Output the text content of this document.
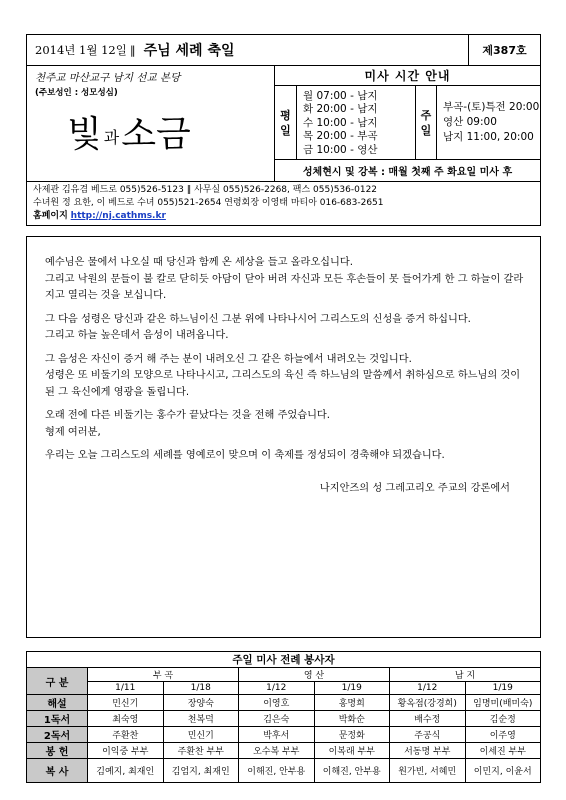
2014년 1월 12일 ‖ 주님 세례 축일	제387호
천주교 마산교구 남지 선교 본당
(주보성인 : 성모성심)
빛과소금
미사 시간 안내
평
일
월 07:00 - 남지
화 20:00 - 남지
수 10:00 - 남지
목 20:00 - 부곡
금 10:00 - 영산
주
일
부곡-(토)특전 20:00
영산 09:00
남지 11:00, 20:00
성체현시 및 강복 : 매월 첫째 주 화요일 미사 후
사제관 김유겸 베드로 055)526-5123 ‖ 사무실 055)526-2268, 팩스 055)536-0122
수녀원 정 요한, 이 베드로 수녀 055)521-2654 연령회장 이영태 마티아 016-683-2651
홈페이지 http://nj.cathms.kr

예수님은 물에서 나오실 때 당신과 함께 온 세상을 들고 올라오십니다.

그리고 낙원의 문들이 불 칼로 닫히듯 아담이 닫아 버려 자신과 모든 후손들이 못 들어가게 한 그 하늘이 갈라지고 열리는 것을 보십니다.

그 다음 성령은 당신과 같은 하느님이신 그분 위에 나타나시어 그리스도의 신성을 증거 하십니다.

그리고 하늘 높은데서 음성이 내려옵니다.

그 음성은 자신이 증거 해 주는 분이 내려오신 그 같은 하늘에서 내려오는 것입니다.

성령은 또 비둘기의 모양으로 나타나시고, 그리스도의 육신 즉 하느님의 말씀께서 취하심으로 하느님의 것이 된 그 육신에게 영광을 돌립니다.

오래 전에 다른 비둘기는 홍수가 끝났다는 것을 전해 주었습니다.

형제 여러분,

우리는 오늘 그리스도의 세례를 영예로이 맞으며 이 축제를 정성되이 경축해야 되겠습니다.

나지안즈의 성 그레고리오 주교의 강론에서

주일 미사 전례 봉사자						
구 분	부 곡		영 산		남 지	
	1/11	1/18	1/12	1/19	1/12	1/19
해설	민신기	장양숙	이영호	홍명희	황옥점(강경희)	임명미(배미숙)
1독서	최숙영	천복덕	김은숙	박화순	배수정	김순정
2독서	주환찬	민신기	박후서	문정화	주공식	이주영
봉 헌	이익중 부부	주환찬 부부	오수복 부부	이복래 부부	서동명 부부	이세진 부부
복 사	김예지, 최재인	김엄지, 최재인	이해진, 안부용	이해진, 안부용	원가빈, 서혜민	이민지, 이윤서
